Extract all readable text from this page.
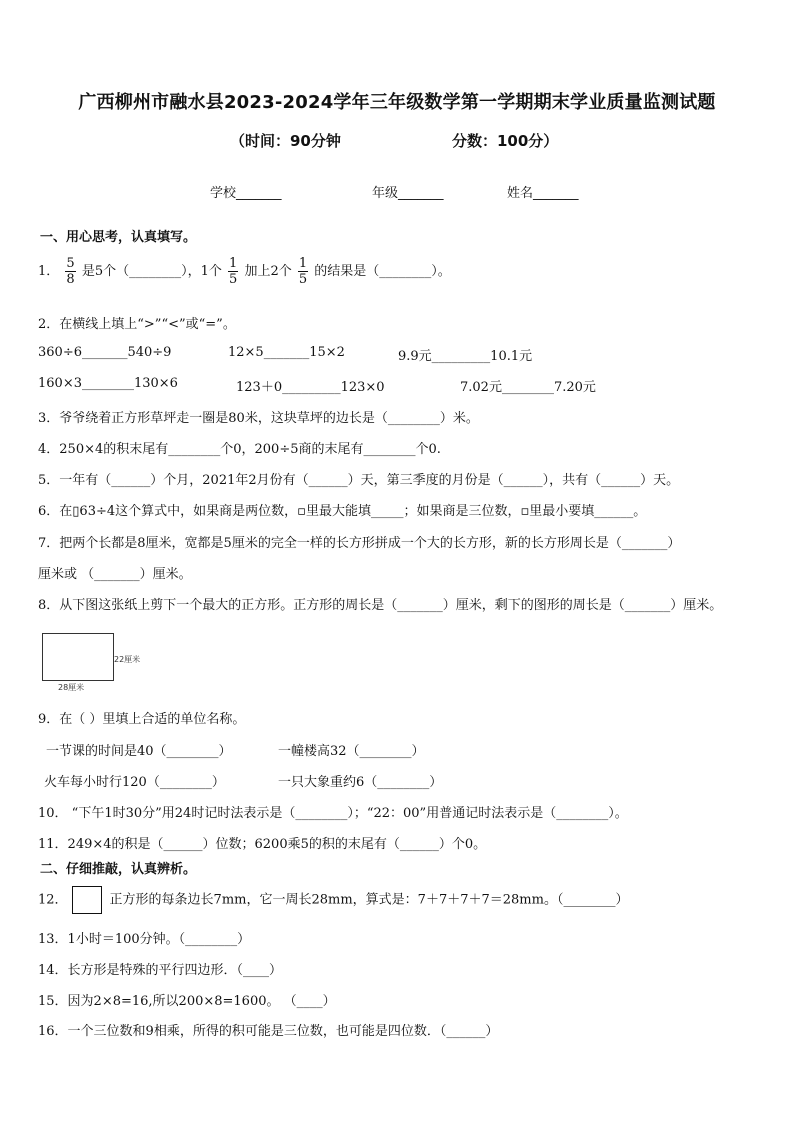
广西柳州市融水县2023-2024学年三年级数学第一学期期末学业质量监测试题
（时间：90分钟	分数：100分）
学校_______	年级_______	姓名_______
一、用心思考，认真填写。
1． $\frac{5}{8}$ 是5个（________），1个 $\frac{1}{5}$ 加上2个 $\frac{1}{5}$ 的结果是（________）。
2．在横线上填上“>”“<”或“=”。
360÷6_______540÷9	12×5_______15×2	9.9元_________10.1元
160×3________130×6	123＋0_________123×0	7.02元________7.20元
3．爷爷绕着正方形草坪走一圈是80米，这块草坪的边长是（________）米。
4．250×4的积末尾有________个0，200÷5商的末尾有________个0.
5．一年有（______）个月，2021年2月份有（______）天，第三季度的月份是（______），共有（______）天。
6．在▯63÷4这个算式中，如果商是两位数，▫里最大能填_____；如果商是三位数，▫里最小要填______。
7．把两个长都是8厘米，宽都是5厘米的完全一样的长方形拼成一个大的长方形，新的长方形周长是（_______）
厘米或 （_______）厘米。
8．从下图这张纸上剪下一个最大的正方形。正方形的周长是（_______）厘米，剩下的图形的周长是（_______）厘米。
22厘米
28厘米
9．在（ ）里填上合适的单位名称。
一节课的时间是40（________）	一幢楼高32（________）
火车每小时行120（________）	一只大象重约6（________）
10． “下午1时30分”用24时记时法表示是（________）；“22：00”用普通记时法表示是（________）。
11．249×4的积是（______）位数；6200乘5的积的末尾有（______）个0。
二、仔细推敲，认真辨析。
12．	正方形的每条边长7mm，它一周长28mm，算式是：7＋7＋7＋7＝28mm。（________）
13．1小时＝100分钟。（________）
14．长方形是特殊的平行四边形．（____）
15．因为2×8=16,所以200×8=1600。 （____）
16．一个三位数和9相乘，所得的积可能是三位数，也可能是四位数．（______）
